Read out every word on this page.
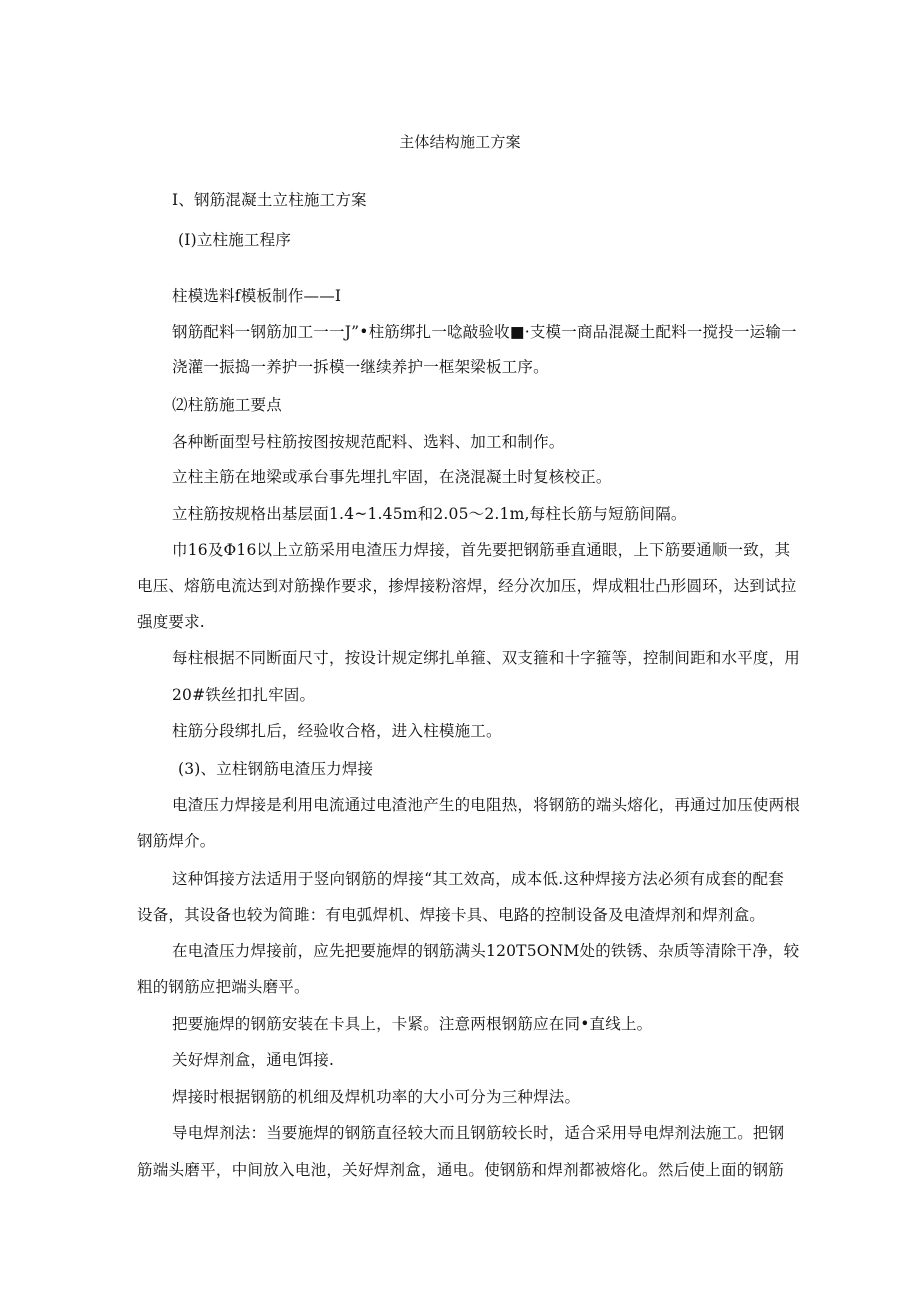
主体结构施工方案
I、钢筋混凝土立柱施工方案
(I)立柱施工程序
柱模选料f模板制作——I
钢筋配料一钢筋加工一一J”•柱筋绑扎一唸敲验收■·支模一商品混凝土配料一搅投一运输一
浇灌一振捣一养护一拆模一继续养护一框架梁板工序。
⑵柱筋施工要点
各种断面型号柱筋按图按规范配料、选料、加工和制作。
立柱主筋在地梁或承台事先埋扎牢固，在浇混凝土时复核校正。
立柱筋按规格出基层面1.4~1.45m和2.05～2.1m,每柱长筋与短筋间隔。
巾16及Φ16以上立筋采用电渣压力焊接，首先要把钢筋垂直通眼，上下筋要通顺一致，其
电压、熔筋电流达到对筋操作要求，掺焊接粉溶焊，经分次加压，焊成粗壮凸形圆环，达到试拉
强度要求.
每柱根据不同断面尺寸，按设计规定绑扎单箍、双支箍和十字箍等，控制间距和水平度，用
20#铁丝扣扎牢固。
柱筋分段绑扎后，经验收合格，进入柱模施工。
(3)、立柱钢筋电渣压力焊接
电渣压力焊接是利用电流通过电渣池产生的电阻热，将钢筋的端头熔化，再通过加压使两根
钢筋焊介。
这种饵接方法适用于竖向钢筋的焊接“其工效高，成本低.这种焊接方法必须有成套的配套
设备，其设备也较为简雎：有电弧焊机、焊接卡具、电路的控制设备及电渣焊剂和焊剂盒。
在电渣压力焊接前，应先把要施焊的钢筋满头120T5ONM处的铁锈、杂质等清除干净，较
粗的钢筋应把端头磨平。
把要施焊的钢筋安装在卡具上，卡紧。注意两根钢筋应在同•直线上。
关好焊剂盒，通电饵接.
焊接时根据钢筋的机细及焊机功率的大小可分为三种焊法。
导电焊剂法：当要施焊的钢筋直径较大而且钢筋较长时，适合采用导电焊剂法施工。把钢
筋端头磨平，中间放入电池，关好焊剂盒，通电。使钢筋和焊剂都被熔化。然后使上面的钢筋
